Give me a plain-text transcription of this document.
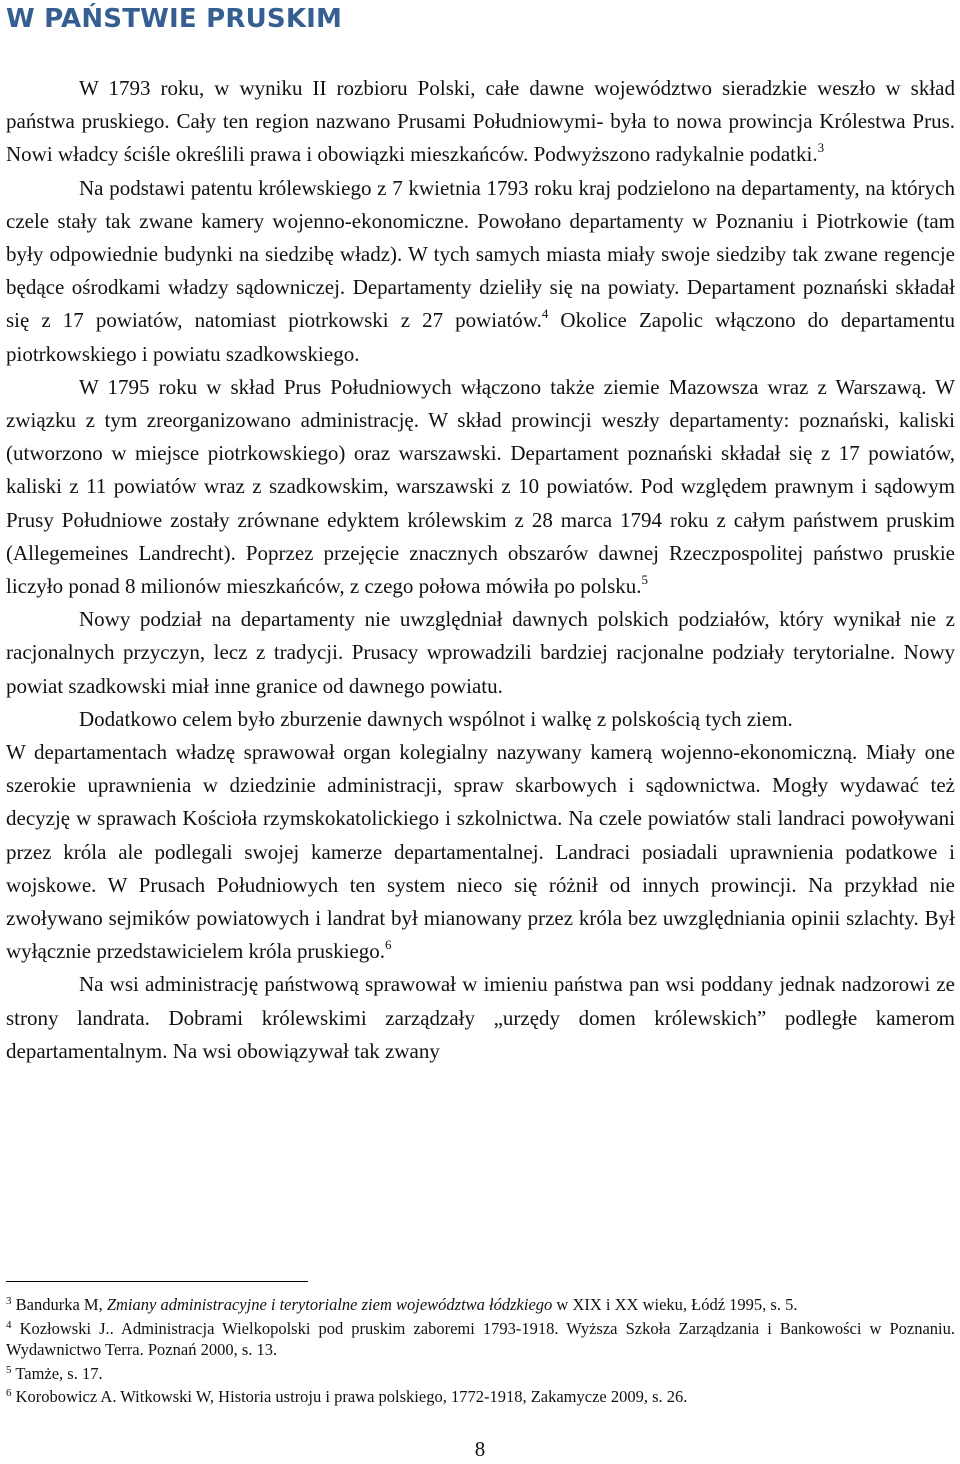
W PAŃSTWIE PRUSKIM

W 1793 roku, w wyniku II rozbioru Polski, całe dawne województwo sieradzkie weszło w skład państwa pruskiego. Cały ten region nazwano Prusami Południowymi- była to nowa prowincja Królestwa Prus. Nowi władcy ściśle określili prawa i obowiązki mieszkańców. Podwyższono radykalnie podatki.$^3$

Na podstawi patentu królewskiego z 7 kwietnia 1793 roku kraj podzielono na departamenty, na których czele stały tak zwane kamery wojenno-ekonomiczne. Powołano departamenty w Poznaniu i Piotrkowie (tam były odpowiednie budynki na siedzibę władz). W tych samych miasta miały swoje siedziby tak zwane regencje będące ośrodkami władzy sądowniczej. Departamenty dzieliły się na powiaty. Departament poznański składał się z 17 powiatów, natomiast piotrkowski z 27 powiatów.$^4$ Okolice Zapolic włączono do departamentu piotrkowskiego i powiatu szadkowskiego.

W 1795 roku w skład Prus Południowych włączono także ziemie Mazowsza wraz z Warszawą. W związku z tym zreorganizowano administrację. W skład prowincji weszły departamenty: poznański, kaliski (utworzono w miejsce piotrkowskiego) oraz warszawski. Departament poznański składał się z 17 powiatów, kaliski z 11 powiatów wraz z szadkowskim, warszawski z 10 powiatów. Pod względem prawnym i sądowym Prusy Południowe zostały zrównane edyktem królewskim z 28 marca 1794 roku z całym państwem pruskim (Allegemeines Landrecht). Poprzez przejęcie znacznych obszarów dawnej Rzeczpospolitej państwo pruskie liczyło ponad 8 milionów mieszkańców, z czego połowa mówiła po polsku.$^5$

Nowy podział na departamenty nie uwzględniał dawnych polskich podziałów, który wynikał nie z racjonalnych przyczyn, lecz z tradycji. Prusacy wprowadzili bardziej racjonalne podziały terytorialne. Nowy powiat szadkowski miał inne granice od dawnego powiatu.

Dodatkowo celem było zburzenie dawnych wspólnot i walkę z polskością tych ziem.

W departamentach władzę sprawował organ kolegialny nazywany kamerą wojenno-ekonomiczną. Miały one szerokie uprawnienia w dziedzinie administracji, spraw skarbowych i sądownictwa. Mogły wydawać też decyzję w sprawach Kościoła rzymskokatolickiego i szkolnictwa. Na czele powiatów stali landraci powoływani przez króla ale podlegali swojej kamerze departamentalnej. Landraci posiadali uprawnienia podatkowe i wojskowe. W Prusach Południowych ten system nieco się różnił od innych prowincji. Na przykład nie zwoływano sejmików powiatowych i landrat był mianowany przez króla bez uwzględniania opinii szlachty. Był wyłącznie przedstawicielem króla pruskiego.$^6$

Na wsi administrację państwową sprawował w imieniu państwa pan wsi poddany jednak nadzorowi ze strony landrata. Dobrami królewskimi zarządzały „urzędy domen królewskich” podległe kamerom departamentalnym. Na wsi obowiązywał tak zwany

$^3$ Bandurka M, Zmiany administracyjne i terytorialne ziem województwa łódzkiego w XIX i XX wieku, Łódź 1995, s. 5.

$^4$ Kozłowski J.. Administracja Wielkopolski pod pruskim zaboremi 1793-1918. Wyższa Szkoła Zarządzania i Bankowości w Poznaniu. Wydawnictwo Terra. Poznań 2000, s. 13.

$^5$ Tamże, s. 17.

$^6$ Korobowicz A. Witkowski W, Historia ustroju i prawa polskiego, 1772-1918, Zakamycze 2009, s. 26.

8
